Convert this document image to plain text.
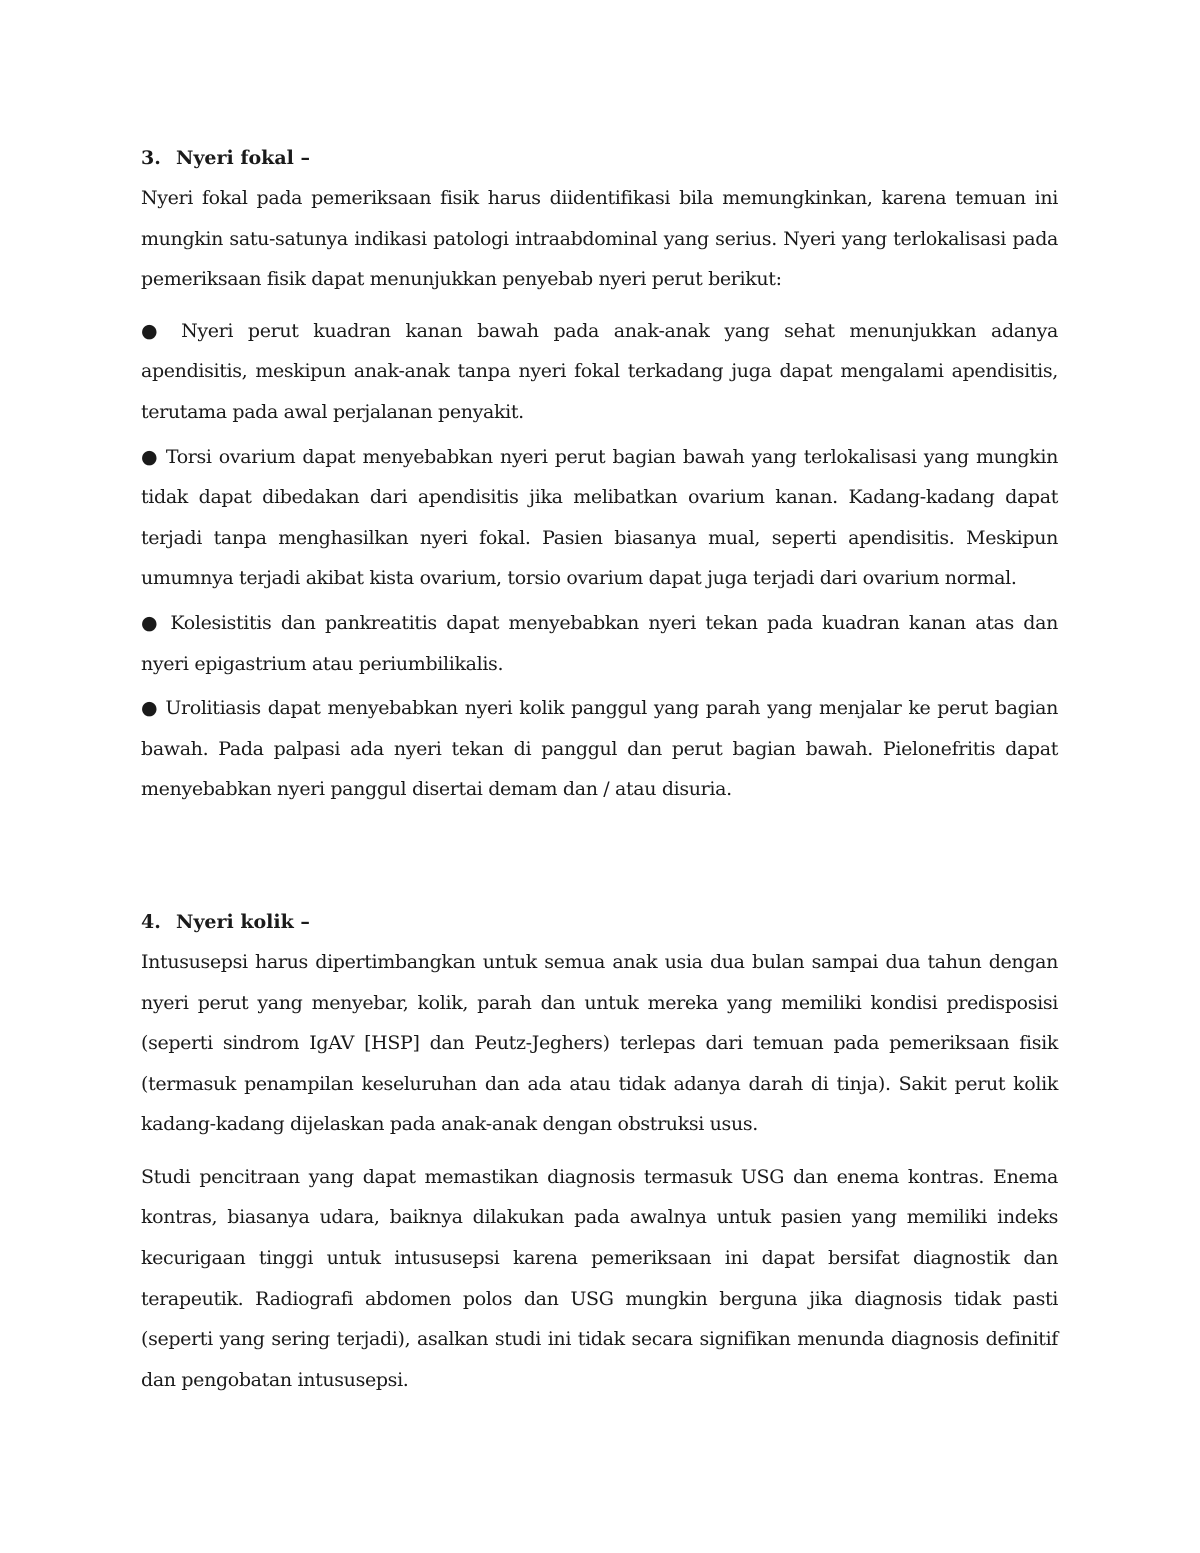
3. Nyeri fokal –

Nyeri fokal pada pemeriksaan fisik harus diidentifikasi bila memungkinkan, karena temuan ini mungkin satu-satunya indikasi patologi intraabdominal yang serius. Nyeri yang terlokalisasi pada pemeriksaan fisik dapat menunjukkan penyebab nyeri perut berikut:

● Nyeri perut kuadran kanan bawah pada anak-anak yang sehat menunjukkan adanya apendisitis, meskipun anak-anak tanpa nyeri fokal terkadang juga dapat mengalami apendisitis, terutama pada awal perjalanan penyakit.

● Torsi ovarium dapat menyebabkan nyeri perut bagian bawah yang terlokalisasi yang mungkin tidak dapat dibedakan dari apendisitis jika melibatkan ovarium kanan. Kadang-kadang dapat terjadi tanpa menghasilkan nyeri fokal. Pasien biasanya mual, seperti apendisitis. Meskipun umumnya terjadi akibat kista ovarium, torsio ovarium dapat juga terjadi dari ovarium normal.

● Kolesistitis dan pankreatitis dapat menyebabkan nyeri tekan pada kuadran kanan atas dan nyeri epigastrium atau periumbilikalis.

● Urolitiasis dapat menyebabkan nyeri kolik panggul yang parah yang menjalar ke perut bagian bawah. Pada palpasi ada nyeri tekan di panggul dan perut bagian bawah. Pielonefritis dapat menyebabkan nyeri panggul disertai demam dan / atau disuria.

4. Nyeri kolik –

Intususepsi harus dipertimbangkan untuk semua anak usia dua bulan sampai dua tahun dengan nyeri perut yang menyebar, kolik, parah dan untuk mereka yang memiliki kondisi predisposisi (seperti sindrom IgAV [HSP] dan Peutz-Jeghers) terlepas dari temuan pada pemeriksaan fisik (termasuk penampilan keseluruhan dan ada atau tidak adanya darah di tinja). Sakit perut kolik kadang-kadang dijelaskan pada anak-anak dengan obstruksi usus.

Studi pencitraan yang dapat memastikan diagnosis termasuk USG dan enema kontras. Enema kontras, biasanya udara, baiknya dilakukan pada awalnya untuk pasien yang memiliki indeks kecurigaan tinggi untuk intususepsi karena pemeriksaan ini dapat bersifat diagnostik dan terapeutik. Radiografi abdomen polos dan USG mungkin berguna jika diagnosis tidak pasti (seperti yang sering terjadi), asalkan studi ini tidak secara signifikan menunda diagnosis definitif dan pengobatan intususepsi.
